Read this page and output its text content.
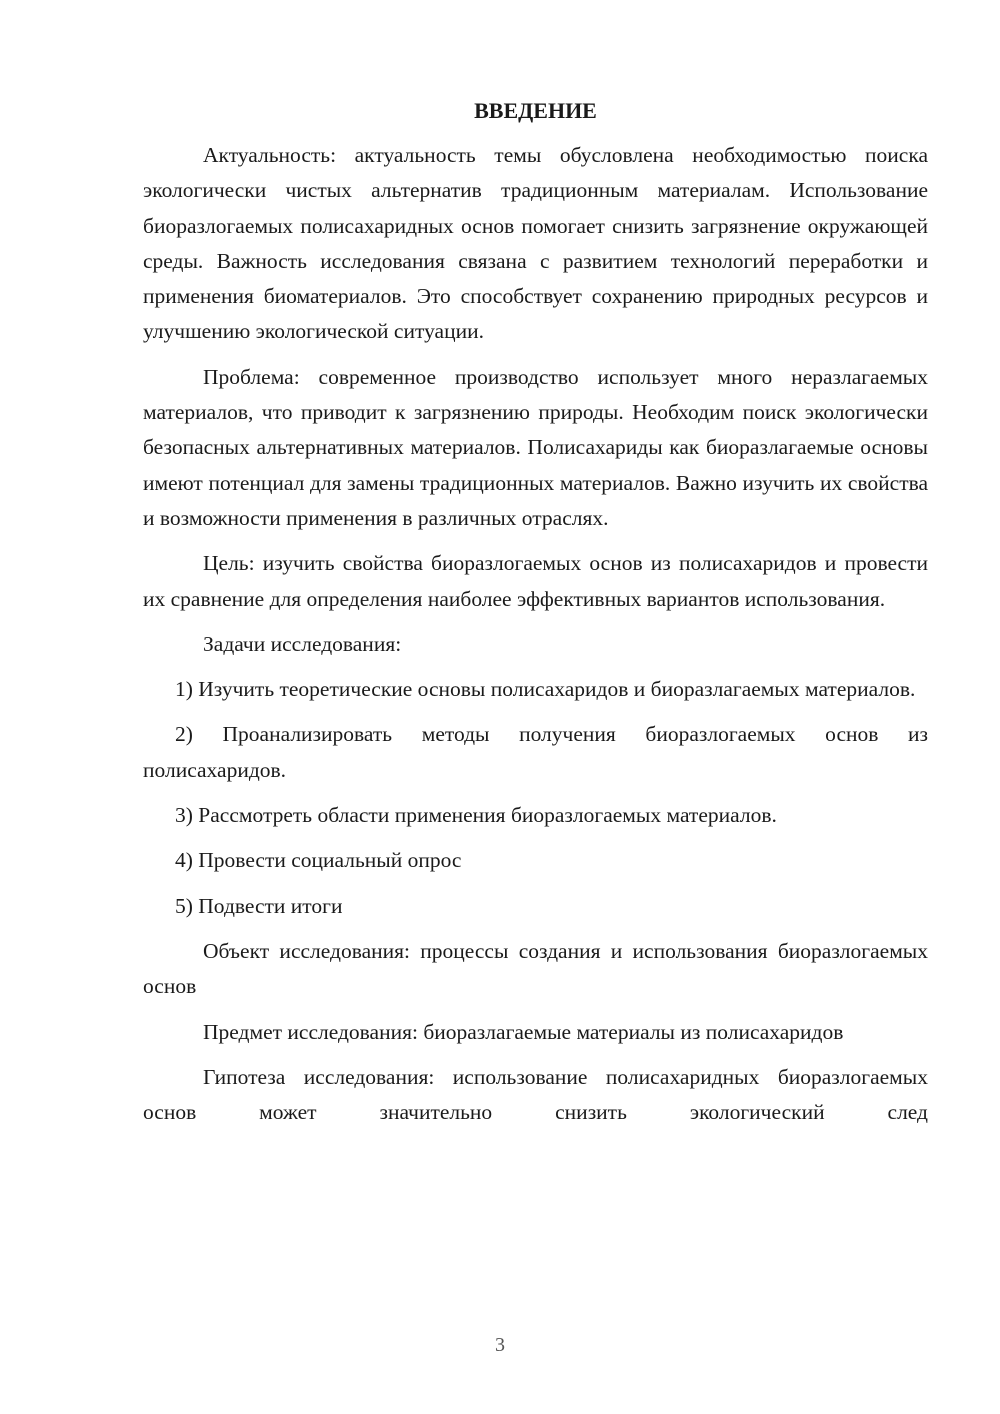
ВВЕДЕНИЕ

Актуальность: актуальность темы обусловлена необходимостью поиска экологически чистых альтернатив традиционным материалам. Использование биоразлогаемых полисахаридных основ помогает снизить загрязнение окружающей среды. Важность исследования связана с развитием технологий переработки и применения биоматериалов. Это способствует сохранению природных ресурсов и улучшению экологической ситуации.

Проблема: современное производство использует много неразлагаемых материалов, что приводит к загрязнению природы. Необходим поиск экологически безопасных альтернативных материалов. Полисахариды как биоразлагаемые основы имеют потенциал для замены традиционных материалов. Важно изучить их свойства и возможности применения в различных отраслях.

Цель: изучить свойства биоразлогаемых основ из полисахаридов и провести их сравнение для определения наиболее эффективных вариантов использования.

Задачи исследования:

1) Изучить теоретические основы полисахаридов и биоразлагаемых материалов.

2) Проанализировать методы получения биоразлогаемых основ из полисахаридов.

3) Рассмотреть области применения биоразлогаемых материалов.

4) Провести социальный опрос

5) Подвести итоги

Объект исследования: процессы создания и использования биоразлогаемых основ

Предмет исследования: биоразлагаемые материалы из полисахаридов

Гипотеза исследования: использование полисахаридных биоразлогаемых основ может значительно снизить экологический след

3
